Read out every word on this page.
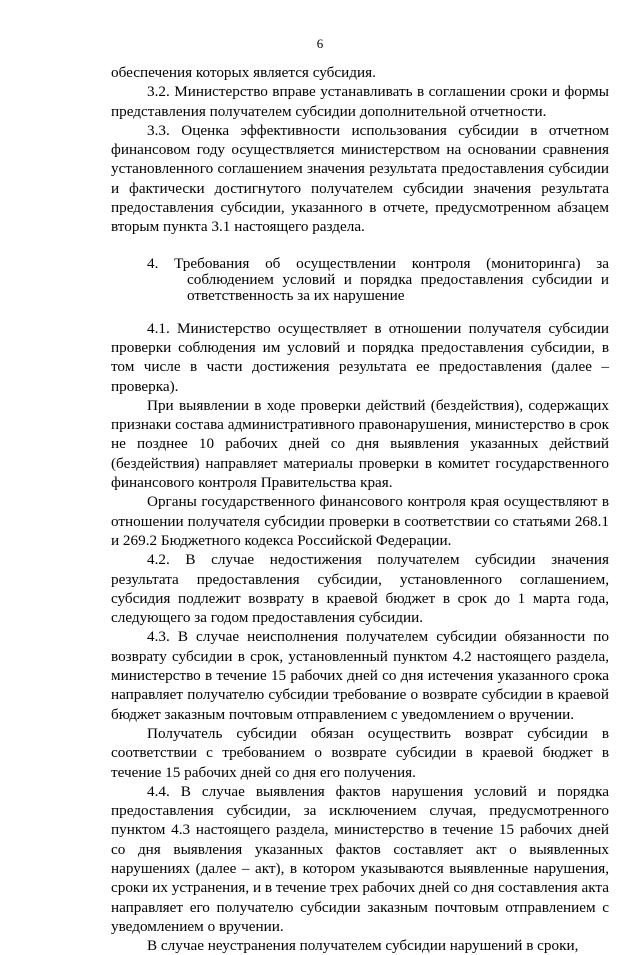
6

обеспечения которых является субсидия.

3.2. Министерство вправе устанавливать в соглашении сроки и формы представления получателем субсидии дополнительной отчетности.

3.3. Оценка эффективности использования субсидии в отчетном финансовом году осуществляется министерством на основании сравнения установленного соглашением значения результата предоставления субсидии и фактически достигнутого получателем субсидии значения результата предоставления субсидии, указанного в отчете, предусмотренном абзацем вторым пункта 3.1 настоящего раздела.

4. Требования об осуществлении контроля (мониторинга) за соблюдением условий и порядка предоставления субсидии и ответственность за их нарушение

4.1. Министерство осуществляет в отношении получателя субсидии проверки соблюдения им условий и порядка предоставления субсидии, в том числе в части достижения результата ее предоставления (далее – проверка).

При выявлении в ходе проверки действий (бездействия), содержащих признаки состава административного правонарушения, министерство в срок не позднее 10 рабочих дней со дня выявления указанных действий (бездействия) направляет материалы проверки в комитет государственного финансового контроля Правительства края.

Органы государственного финансового контроля края осуществляют в отношении получателя субсидии проверки в соответствии со статьями 268.1 и 269.2 Бюджетного кодекса Российской Федерации.

4.2. В случае недостижения получателем субсидии значения результата предоставления субсидии, установленного соглашением, субсидия подлежит возврату в краевой бюджет в срок до 1 марта года, следующего за годом предоставления субсидии.

4.3. В случае неисполнения получателем субсидии обязанности по возврату субсидии в срок, установленный пунктом 4.2 настоящего раздела, министерство в течение 15 рабочих дней со дня истечения указанного срока направляет получателю субсидии требование о возврате субсидии в краевой бюджет заказным почтовым отправлением с уведомлением о вручении.

Получатель субсидии обязан осуществить возврат субсидии в соответствии с требованием о возврате субсидии в краевой бюджет в течение 15 рабочих дней со дня его получения.

4.4. В случае выявления фактов нарушения условий и порядка предоставления субсидии, за исключением случая, предусмотренного пунктом 4.3 настоящего раздела, министерство в течение 15 рабочих дней со дня выявления указанных фактов составляет акт о выявленных нарушениях (далее – акт), в котором указываются выявленные нарушения, сроки их устранения, и в течение трех рабочих дней со дня составления акта направляет его получателю субсидии заказным почтовым отправлением с уведомлением о вручении.

В случае неустранения получателем субсидии нарушений в сроки,
